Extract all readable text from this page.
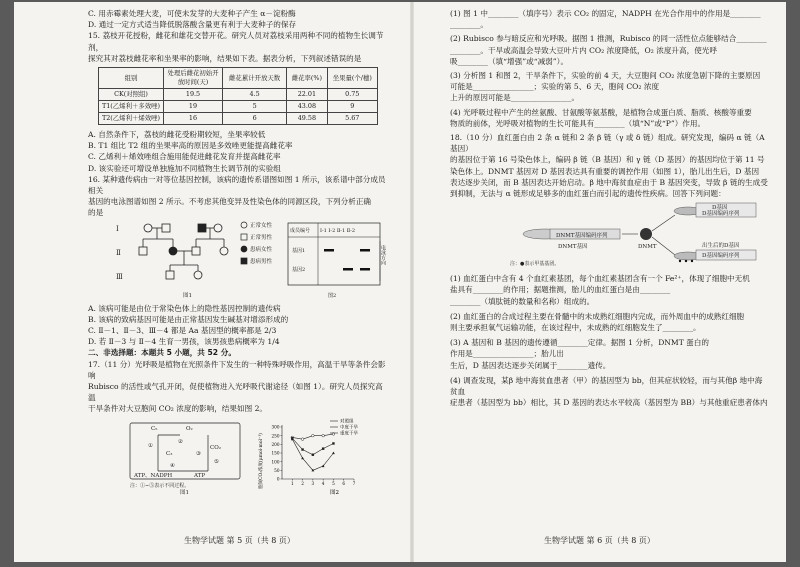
C. 用赤霉素处理大麦，可使未发芽的大麦种子产生 α－淀粉酶

D. 通过一定方式适当降低脱落酸含量更有利于大麦种子的保存

15. 荔枝开花授粉，雌花和雄花交替开花。研究人员对荔枝采用两种不同的植物生长调节剂，

探究其对荔枝雌花率和坐果率的影响，结果如下表。据表分析，下列叙述错误的是

组别	处理后雌花初始开放时间(天)	雌花累计开放天数	雌花率(%)	坐果量(个/穗)
CK(对照组)	19.5	4.5	22.01	0.75
T1(乙烯利＋多效唑)	19	5	43.08	9
T2(乙烯利＋烯效唑)	16	6	49.58	5.67

A. 自然条件下，荔枝的雌花受粉期较短，坐果率较低

B. T1 组比 T2 组的坐果率高的原因是多效唑更能提高雌花率

C. 乙烯利＋烯效唑组合施用能促进雌花发育并提高雌花率

D. 该实验还可增设单独施加不同植物生长调节剂的实验组

16. 某种遗传病由一对等位基因控制，该病的遗传系谱图如图 1 所示，该系谱中部分成员相关

基因的电泳图谱如图 2 所示。不考虑其他变异及性染色体的同源区段，下列分析正确

的是

Ⅰ
Ⅱ
Ⅲ
正常女性
正常男性
患病女性
患病男性
图1
成员编号 Ⅰ-1 Ⅰ-2 Ⅱ-1 Ⅱ-2
基因1
基因2
电泳方向
图2

A. 该病可能是由位于常染色体上的隐性基因控制的遗传病

B. 该病的致病基因可能是由正常基因发生碱基对增添形成的

C. Ⅱ－1、Ⅱ－3、Ⅲ－4 都是 Aa 基因型的概率都是 2/3

D. 若 Ⅱ－3 与 Ⅱ－4 生育一男孩，该男孩患病概率为 1/4

二、非选择题：本题共 5 小题，共 52 分。

17.（11 分）光呼吸是植物在光照条件下发生的一种特殊呼吸作用，高温干旱等条件会影响

Rubisco 的活性或气孔开闭，促使植物进入光呼吸代谢途径（如图 1）。研究人员探究高温

干旱条件对大豆胞间 CO₂ 浓度的影响，结果如图 2。

C₅	O₂
CO₂
ATP、NADPH	ATP
C₃
①
②
③
④
⑤
注：①~⑤表示不同过程。
图1
0
50
100
150
200
250
300
1 2 3 4 5 6 7
对照组
中度干旱
重度干旱
胞间CO₂浓度(μmol·mol⁻¹)
图2
生物学试题 第 5 页（共 8 页）

(1) 图 1 中________（填序号）表示 CO₂ 的固定，NADPH 在光合作用中的作用是________

________。

(2) Rubisco 参与暗反应和光呼吸。据图 1 推测，Rubisco 的同一活性位点能够结合________

________。干旱或高温会导致大豆叶片内 CO₂ 浓度降低，O₂ 浓度升高，使光呼

吸________（填“增强”或“减弱”）。

(3) 分析图 1 和图 2，干旱条件下，实验的前 4 天，大豆胞间 CO₂ 浓度急剧下降的主要原因

可能是________________；实验的第 5、6 天，胞间 CO₂ 浓度

上升的原因可能是________________。

(4) 光呼吸过程中产生的丝氨酸、甘氨酸等氨基酸，是植物合成蛋白质、脂质、核酸等重要

物质的前体，光呼吸对植物的生长可能具有________（填“N”或“P”）作用。

18.（10 分）血红蛋白由 2 条 α 链和 2 条 β 链（γ 或 δ 链）组成。研究发现，编码 α 链（A 基因）

的基因位于第 16 号染色体上，编码 β 链（B 基因）和 γ 链（D 基因）的基因均位于第 11 号

染色体上。DNMT 基因对 D 基因表达具有重要的调控作用（如图 1），胎儿出生后，D 基因

表达逐步关闭，而 B 基因表达开始启动。β 地中海贫血症由于 B 基因突变，导致 β 链的生成受

到抑制，无法与 α 链形成足够多的血红蛋白而引起的遗传性疾病。回答下列问题：

DNMT基因编码序列
DNMT基因	DNMT
D基因
D基因编码序列
出生后的D基因
D基因编码序列
注：●表示甲基基团。

(1) 血红蛋白中含有 4 个血红素基团，每个血红素基团含有一个 Fe²⁺，体现了细胞中无机

盐具有________的作用；据题推测，胎儿的血红蛋白是由________

________（填肽链的数量和名称）组成的。

(2) 血红蛋白的合成过程主要在骨髓中的未成熟红细胞内完成，而外周血中的成熟红细胞

则主要承担氧气运输功能，在该过程中，未成熟的红细胞发生了________。

(3) A 基因和 B 基因的遗传遵循________定律。据图 1 分析，DNMT 蛋白的

作用是________________；胎儿出

生后，D 基因表达逐步关闭属于________遗传。

(4) 调查发现，某β 地中海贫血患者（甲）的基因型为 bb，但其症状较轻，而与其他β 地中海贫血

症患者（基因型为 bb）相比，其 D 基因的表达水平较高（基因型为 BB）与其他重症患者体内

生物学试题 第 6 页（共 8 页）
